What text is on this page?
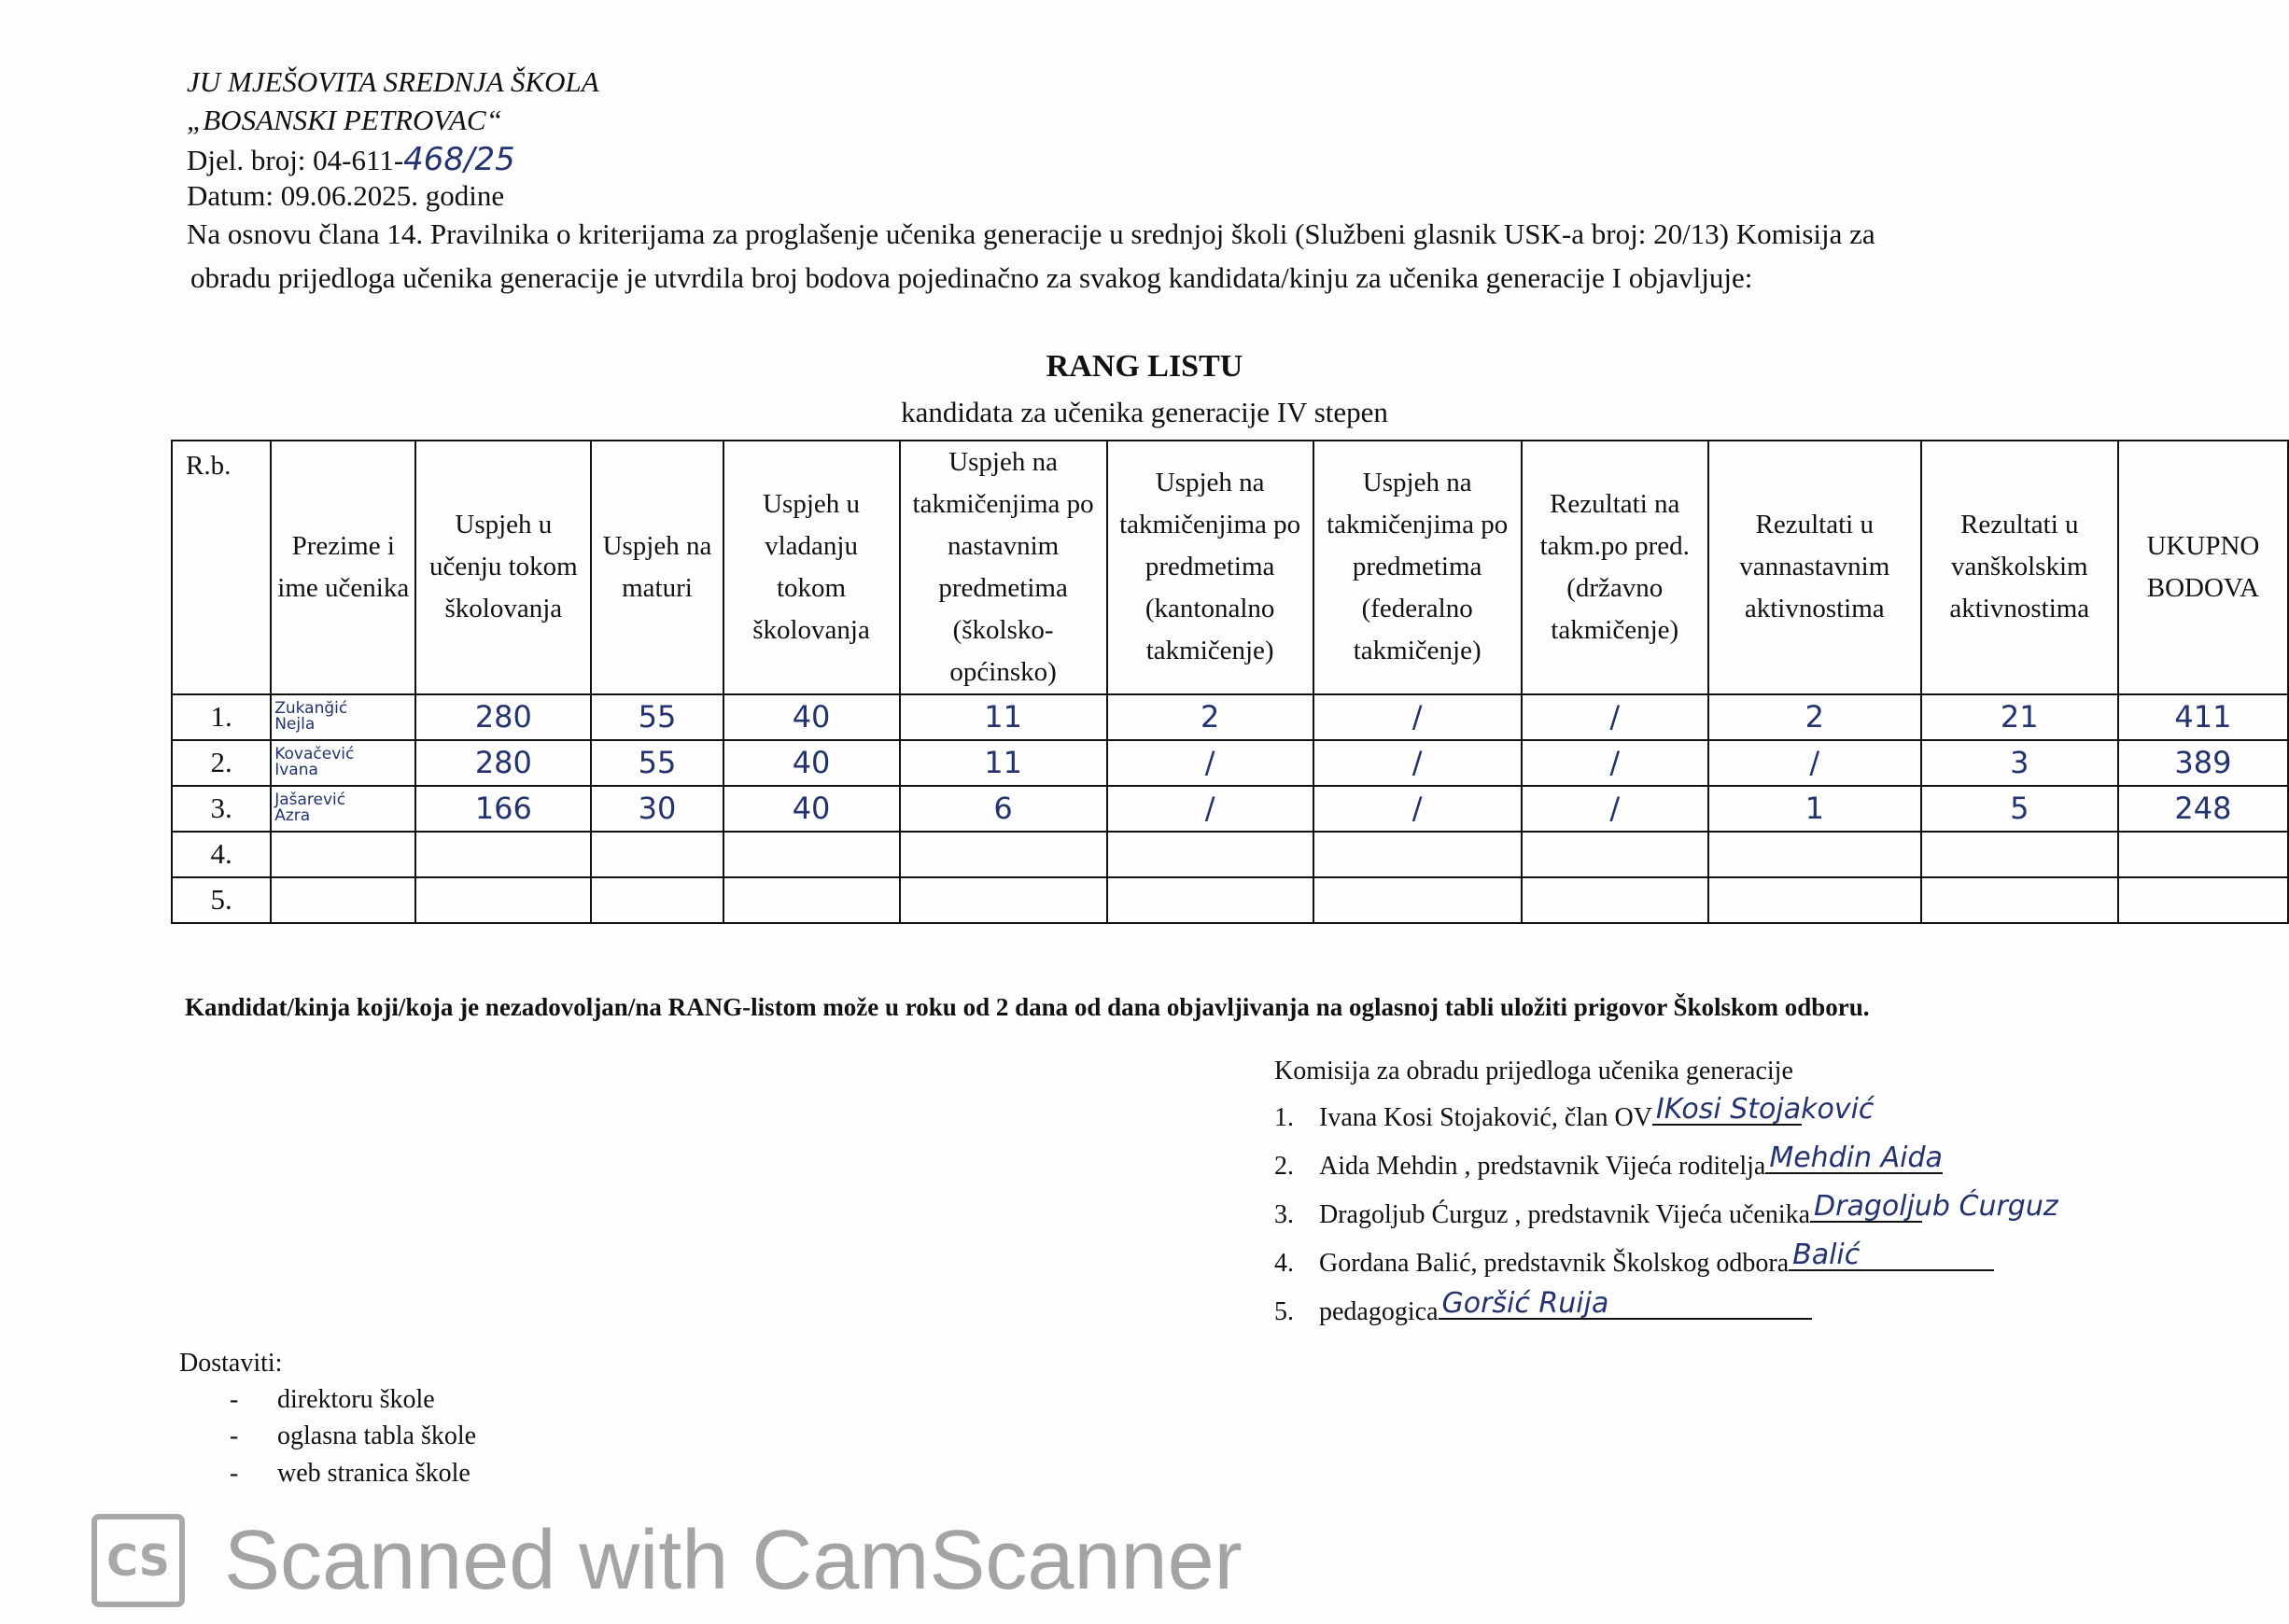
JU MJEŠOVITA SREDNJA ŠKOLA
„BOSANSKI PETROVAC“
Djel. broj: 04-611-468/25
Datum: 09.06.2025. godine
Na osnovu člana 14. Pravilnika o kriterijama za proglašenje učenika generacije u srednjoj školi (Službeni glasnik USK-a broj: 20/13) Komisija za
obradu prijedloga učenika generacije je utvrdila broj bodova pojedinačno za svakog kandidata/kinju za učenika generacije I objavljuje:
RANG LISTU
kandidata za učenika generacije IV stepen
R.b.	Prezime i ime učenika	Uspjeh u učenju tokom školovanja	Uspjeh na maturi	Uspjeh u vladanju tokom školovanja	Uspjeh na takmičenjima po nastavnim predmetima (školsko-općinsko)	Uspjeh na takmičenjima po predmetima (kantonalno takmičenje)	Uspjeh na takmičenjima po predmetima (federalno takmičenje)	Rezultati na takm.po pred. (državno takmičenje)	Rezultati u vannastavnim aktivnostima	Rezultati u vanškolskim aktivnostima	UKUPNO BODOVA
1.	Zukanğić
Nejla	280	55	40	11	2	/	/	2	21	411
2.	Kovačević
Ivana	280	55	40	11	/	/	/	/	3	389
3.	Jašarević
Azra	166	30	40	6	/	/	/	1	5	248
4.	

5.	

Kandidat/kinja koji/koja je nezadovoljan/na RANG-listom može u roku od 2 dana od dana objavljivanja na oglasnoj tabli uložiti prigovor Školskom odboru.
Komisija za obradu prijedloga učenika generacije
1. Ivana Kosi Stojaković, član OV IKosi Stojaković
2. Aida Mehdin , predstavnik Vijeća roditelja Mehdin Aida
3. Dragoljub Ćurguz , predstavnik Vijeća učenika Dragoljub Ćurguz
4. Gordana Balić, predstavnik Školskog odbora Balić
5. pedagogica Goršić Ruija
Dostaviti:
- direktoru škole
- oglasna tabla škole
- web stranica škole
CS Scanned with CamScanner
